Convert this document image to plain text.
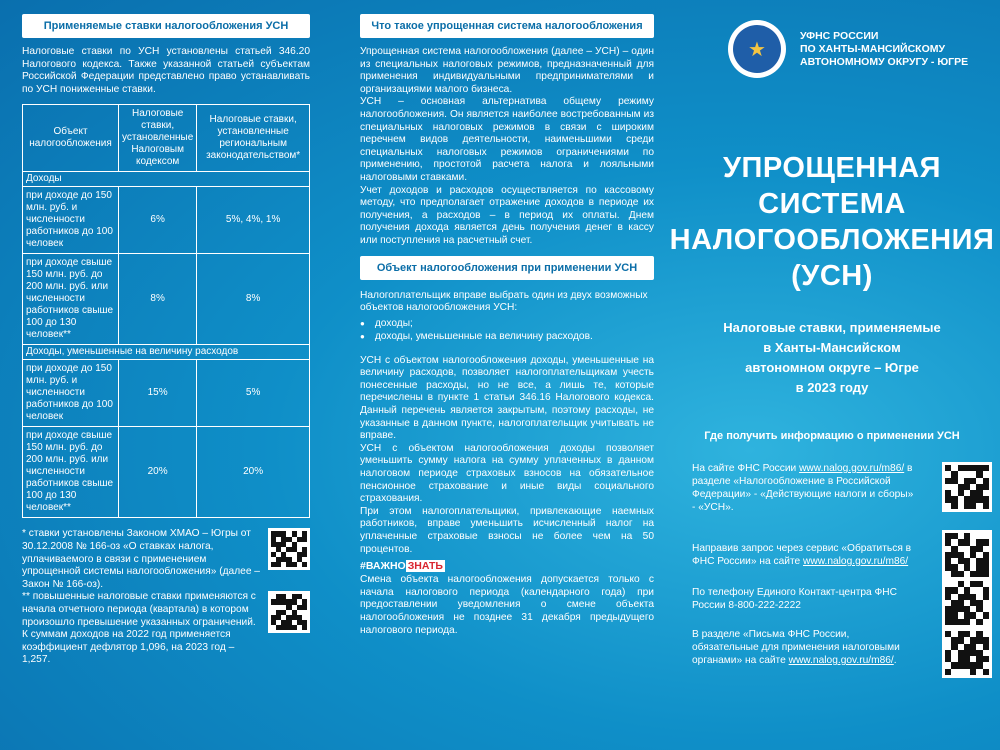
Применяемые ставки налогообложения УСН

Налоговые ставки по УСН установлены статьей 346.20 Налогового кодекса. Также указанной статьей субъектам Российской Федерации представлено право устанавливать по УСН пониженные ставки.

Объект налогообложения	Налоговые ставки, установленные Налоговым кодексом	Налоговые ставки, установленные региональным законодательством*
Доходы		
при доходе до 150 млн. руб. и численности работников до 100 человек	6%	5%, 4%, 1%
при доходе свыше 150 млн. руб. до 200 млн. руб. или численности работников свыше 100 до 130 человек**	8%	8%
Доходы, уменьшенные на величину расходов		
при доходе до 150 млн. руб. и численности работников до 100 человек	15%	5%
при доходе свыше 150 млн. руб. до 200 млн. руб. или численности работников свыше 100 до 130 человек**	20%	20%

* ставки установлены Законом ХМАО – Югры от 30.12.2008 № 166-оз «О ставках налога, уплачиваемого в связи с применением упрощенной системы налогообложения» (далее – Закон № 166-оз).

** повышенные налоговые ставки применяются с начала отчетного периода (квартала) в котором произошло превышение указанных ограничений. К суммам доходов на 2022 год применяется коэффициент дефлятор 1,096, на 2023 год – 1,257.

Что такое упрощенная система налогообложения

Упрощенная система налогообложения (далее – УСН) – один из специальных налоговых режимов, предназначенный для применения индивидуальными предпринимателями и организациями малого бизнеса.

УСН – основная альтернатива общему режиму налогообложения. Он является наиболее востребованным из специальных налоговых режимов в связи с широким перечнем видов деятельности, наименьшими среди специальных налоговых режимов ограничениями по применению, простотой расчета налога и лояльными налоговыми ставками.

Учет доходов и расходов осуществляется по кассовому методу, что предполагает отражение доходов в периоде их получения, а расходов – в период их оплаты. Днем получения дохода является день получения денег в кассу или поступления на расчетный счет.

Объект налогообложения при применении УСН

Налогоплательщик вправе выбрать один из двух возможных объектов налогообложения УСН:

● доходы;
● доходы, уменьшенные на величину расходов.

УСН с объектом налогообложения доходы, уменьшенные на величину расходов, позволяет налогоплательщикам учесть понесенные расходы, но не все, а лишь те, которые перечислены в пункте 1 статьи 346.16 Налогового кодекса. Данный перечень является закрытым, поэтому расходы, не указанные в данном пункте, налогоплательщик учитывать не вправе.

УСН с объектом налогообложения доходы позволяет уменьшить сумму налога на сумму уплаченных в данном налоговом периоде страховых взносов на обязательное пенсионное страхование и иные виды социального страхования.

При этом налогоплательщики, привлекающие наемных работников, вправе уменьшить исчисленный налог на уплаченные страховые взносы не более чем на 50 процентов.

#ВАЖНО ЗНАТЬ

Смена объекта налогообложения допускается только с начала налогового периода (календарного года) при предоставлении уведомления о смене объекта налогообложения не позднее 31 декабря предыдущего налогового периода.

★
УФНС РОССИИ
ПО ХАНТЫ-МАНСИЙСКОМУ
АВТОНОМНОМУ ОКРУГУ - ЮГРЕ
УПРОЩЕННАЯ
СИСТЕМА
НАЛОГООБЛОЖЕНИЯ
(УСН)
Налоговые ставки, применяемые
в Ханты-Мансийском
автономном округе – Югре
в 2023 году
Где получить информацию о применении УСН

На сайте ФНС России www.nalog.gov.ru/m86/ в разделе «Налогообложение в Российской Федерации» - «Действующие налоги и сборы» - «УСН».

Направив запрос через сервис «Обратиться в ФНС России» на сайте www.nalog.gov.ru/m86/

По телефону Единого Контакт-центра ФНС России 8-800-222-2222

В разделе «Письма ФНС России, обязательные для применения налоговыми органами» на сайте www.nalog.gov.ru/m86/.
